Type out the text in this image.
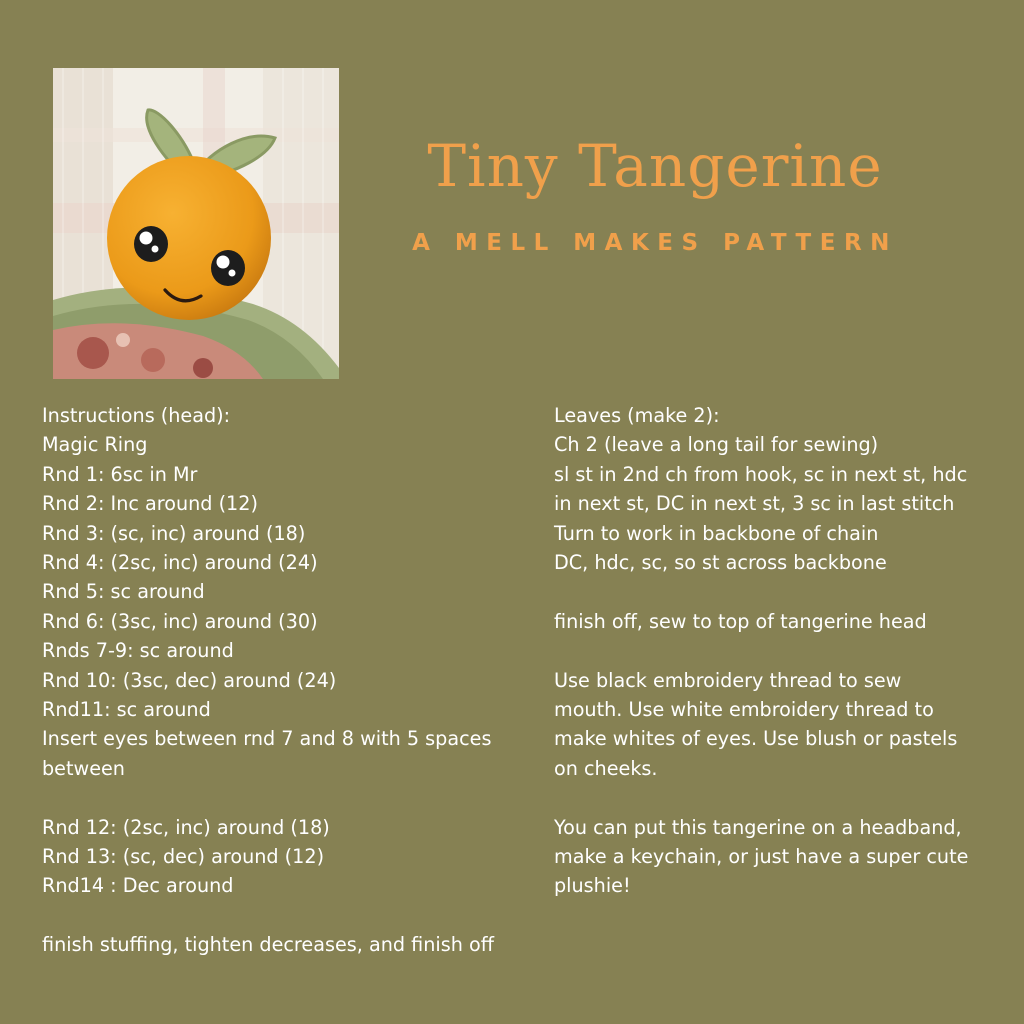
Tiny Tangerine
A MELL MAKES PATTERN
Instructions (head):
Magic Ring
Rnd 1: 6sc in Mr
Rnd 2: Inc around (12)
Rnd 3: (sc, inc) around (18)
Rnd 4: (2sc, inc) around (24)
Rnd 5: sc around
Rnd 6: (3sc, inc) around (30)
Rnds 7-9: sc around
Rnd 10: (3sc, dec) around (24)
Rnd11: sc around
Insert eyes between rnd 7 and 8 with 5 spaces
between
Rnd 12: (2sc, inc) around (18)
Rnd 13: (sc, dec) around (12)
Rnd14 : Dec around
finish stuffing, tighten decreases, and finish off
Leaves (make 2):
Ch 2 (leave a long tail for sewing)
sl st in 2nd ch from hook, sc in next st, hdc
in next st, DC in next st, 3 sc in last stitch
Turn to work in backbone of chain
DC, hdc, sc, so st across backbone
finish off, sew to top of tangerine head
Use black embroidery thread to sew
mouth. Use white embroidery thread to
make whites of eyes. Use blush or pastels
on cheeks.
You can put this tangerine on a headband,
make a keychain, or just have a super cute
plushie!
